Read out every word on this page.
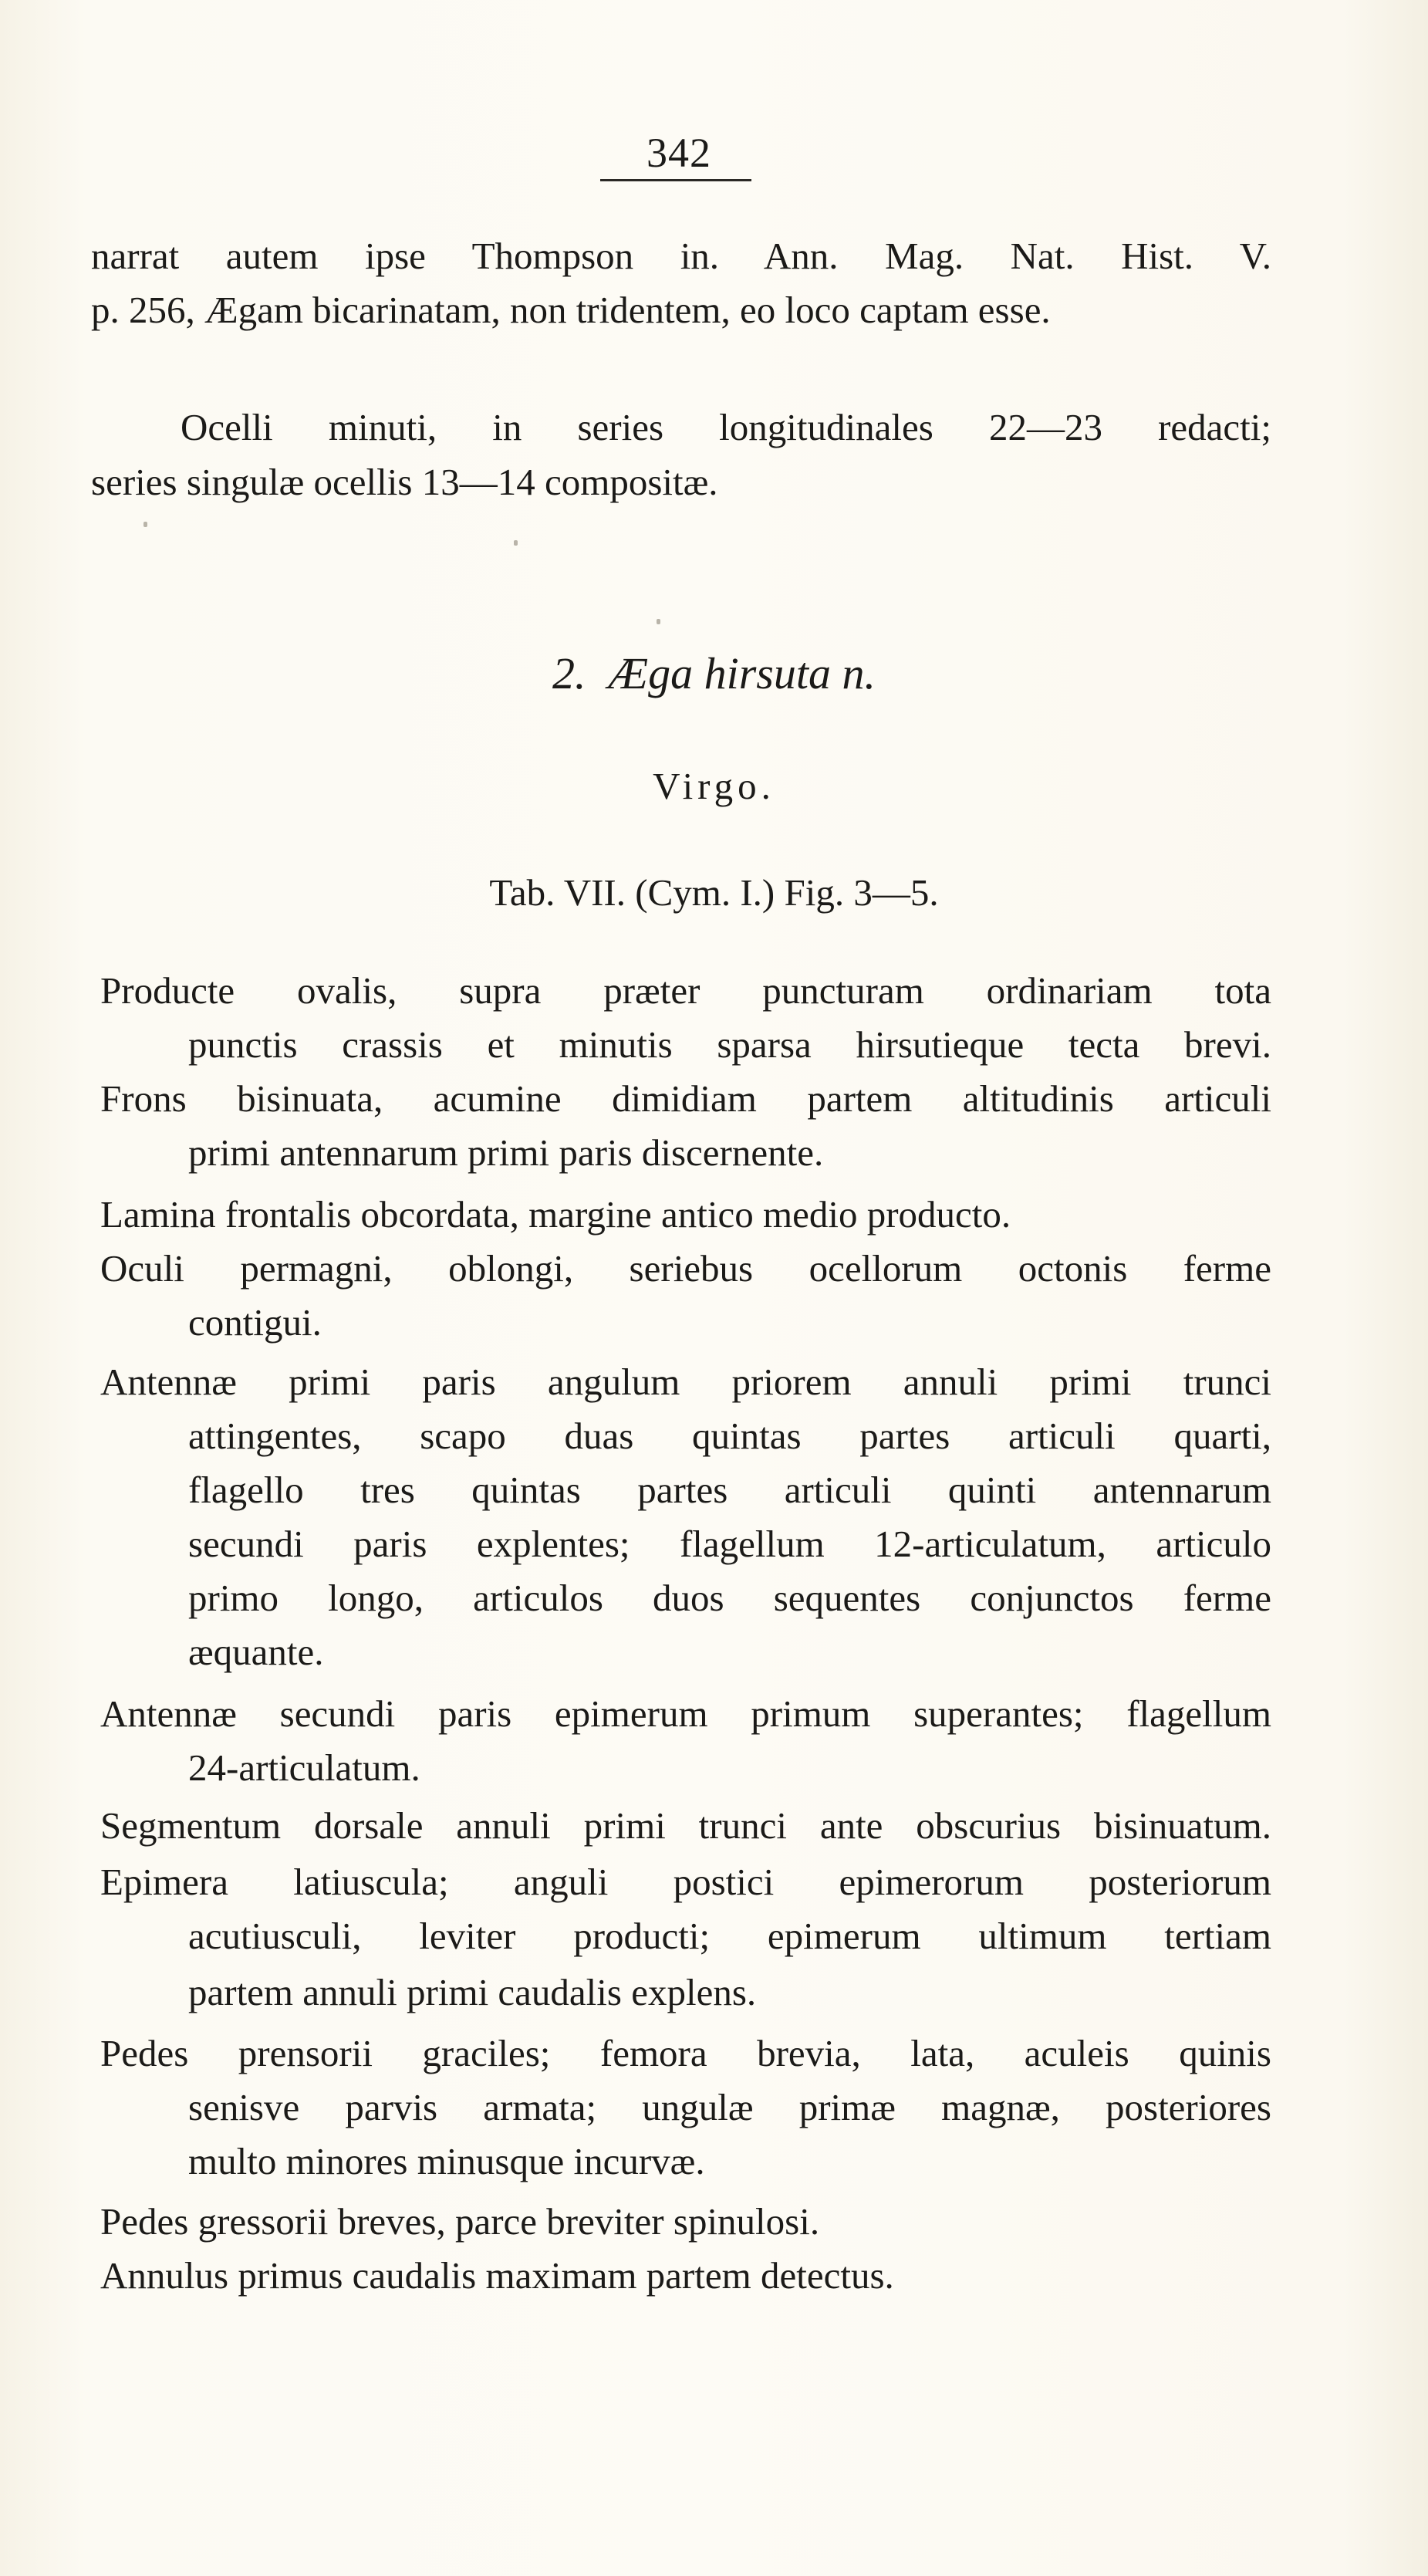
342
narrat autem ipse Thompson in. Ann. Mag. Nat. Hist. V.
p. 256, Ægam bicarinatam, non tridentem, eo loco captam esse.
Ocelli minuti, in series longitudinales 22—23 redacti;
series singulæ ocellis 13—14 compositæ.
2. Æga hirsuta n.
Virgo.
Tab. VII. (Cym. I.) Fig. 3—5.
Producte ovalis, supra præter puncturam ordinariam tota
punctis crassis et minutis sparsa hirsutieque tecta brevi.
Frons bisinuata, acumine dimidiam partem altitudinis articuli
primi antennarum primi paris discernente.
Lamina frontalis obcordata, margine antico medio producto.
Oculi permagni, oblongi, seriebus ocellorum octonis ferme
contigui.
Antennæ primi paris angulum priorem annuli primi trunci
attingentes, scapo duas quintas partes articuli quarti,
flagello tres quintas partes articuli quinti antennarum
secundi paris explentes; flagellum 12-articulatum, articulo
primo longo, articulos duos sequentes conjunctos ferme
æquante.
Antennæ secundi paris epimerum primum superantes; flagellum
24-articulatum.
Segmentum dorsale annuli primi trunci ante obscurius bisinuatum.
Epimera latiuscula; anguli postici epimerorum posteriorum
acutiusculi, leviter producti; epimerum ultimum tertiam
partem annuli primi caudalis explens.
Pedes prensorii graciles; femora brevia, lata, aculeis quinis
senisve parvis armata; ungulæ primæ magnæ, posteriores
multo minores minusque incurvæ.
Pedes gressorii breves, parce breviter spinulosi.
Annulus primus caudalis maximam partem detectus.
